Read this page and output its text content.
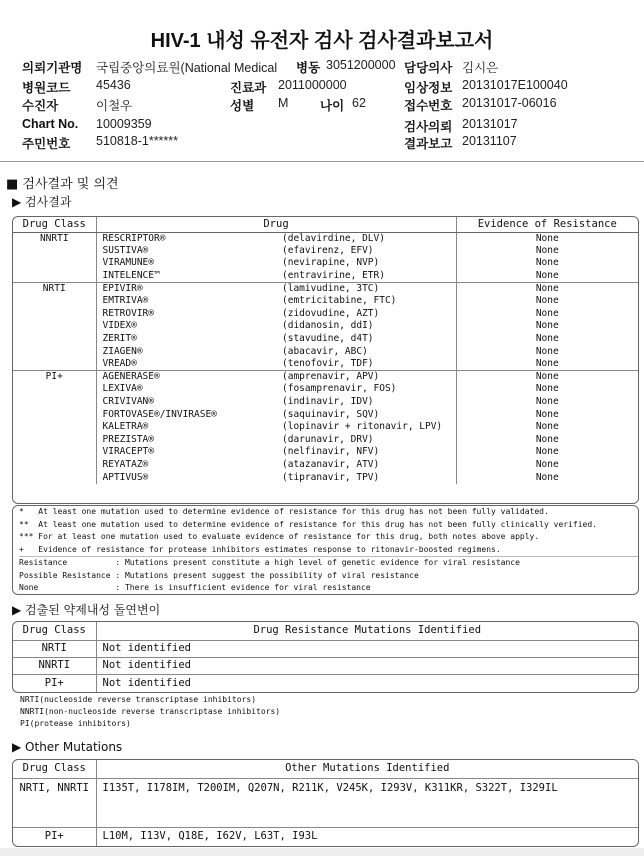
HIV-1 내성 유전자 검사 검사결과보고서
의뢰기관명 국립중앙의료원(National Medical 병동 3051200000 담당의사 김시은
병원코드 45436	진료과 2011000000	임상정보 20131017E100040
수진자	이철우	성별 M	나이 62	접수번호 20131017-06016
Chart No. 10009359	검사의뢰 20131017
주민번호 510818-1******	결과보고 20131107
■ 검사결과 및 의견
▶ 검사결과
Drug Class	Drug		Evidence of Resistance
NNRTI	RESCRIPTOR®	(delavirdine, DLV)	None
	SUSTIVA®	(efavirenz, EFV)	None
	VIRAMUNE®	(nevirapine, NVP)	None
	INTELENCE™	(entravirine, ETR)	None
NRTI	EPIVIR®	(lamivudine, 3TC)	None
	EMTRIVA®	(emtricitabine, FTC)	None
	RETROVIR®	(zidovudine, AZT)	None
	VIDEX®	(didanosin, ddI)	None
	ZERIT®	(stavudine, d4T)	None
	ZIAGEN®	(abacavir, ABC)	None
	VREAD®	(tenofovir, TDF)	None
PI+	AGENERASE®	(amprenavir, APV)	None
	LEXIVA®	(fosamprenavir, FOS)	None
	CRIVIVAN®	(indinavir, IDV)	None
	FORTOVASE®/INVIRASE®	(saquinavir, SQV)	None
	KALETRA®	(lopinavir + ritonavir, LPV)	None
	PREZISTA®	(darunavir, DRV)	None
	VIRACEPT®	(nelfinavir, NFV)	None
	REYATAZ®	(atazanavir, ATV)	None
	APTIVUS®	(tipranavir, TPV)	None
*   At least one mutation used to determine evidence of resistance for this drug has not been fully validated.
**  At least one mutation used to determine evidence of resistance for this drug has not been fully clinically verified.
*** For at least one mutation used to evaluate evidence of resistance for this drug, both notes above apply.
+   Evidence of resistance for protease inhibitors estimates response to ritonavir-boosted regimens.
Resistance          : Mutations present constitute a high level of genetic evidence for viral resistance
Possible Resistance : Mutations present suggest the possibility of viral resistance
None                : There is insufficient evidence for viral resistance
▶ 검출된 약제내성 돌연변이
Drug Class	Drug Resistance Mutations Identified
NRTI	Not identified
NNRTI	Not identified
PI+	Not identified
NRTI(nucleoside reverse transcriptase inhibitors)
NNRTI(non-nucleoside reverse transcriptase inhibitors)
PI(protease inhibitors)
▶ Other Mutations
Drug Class	Other Mutations Identified
NRTI, NNRTI	I135T, I178IM, T200IM, Q207N, R211K, V245K, I293V, K311KR, S322T, I329IL
PI+	L10M, I13V, Q18E, I62V, L63T, I93L
